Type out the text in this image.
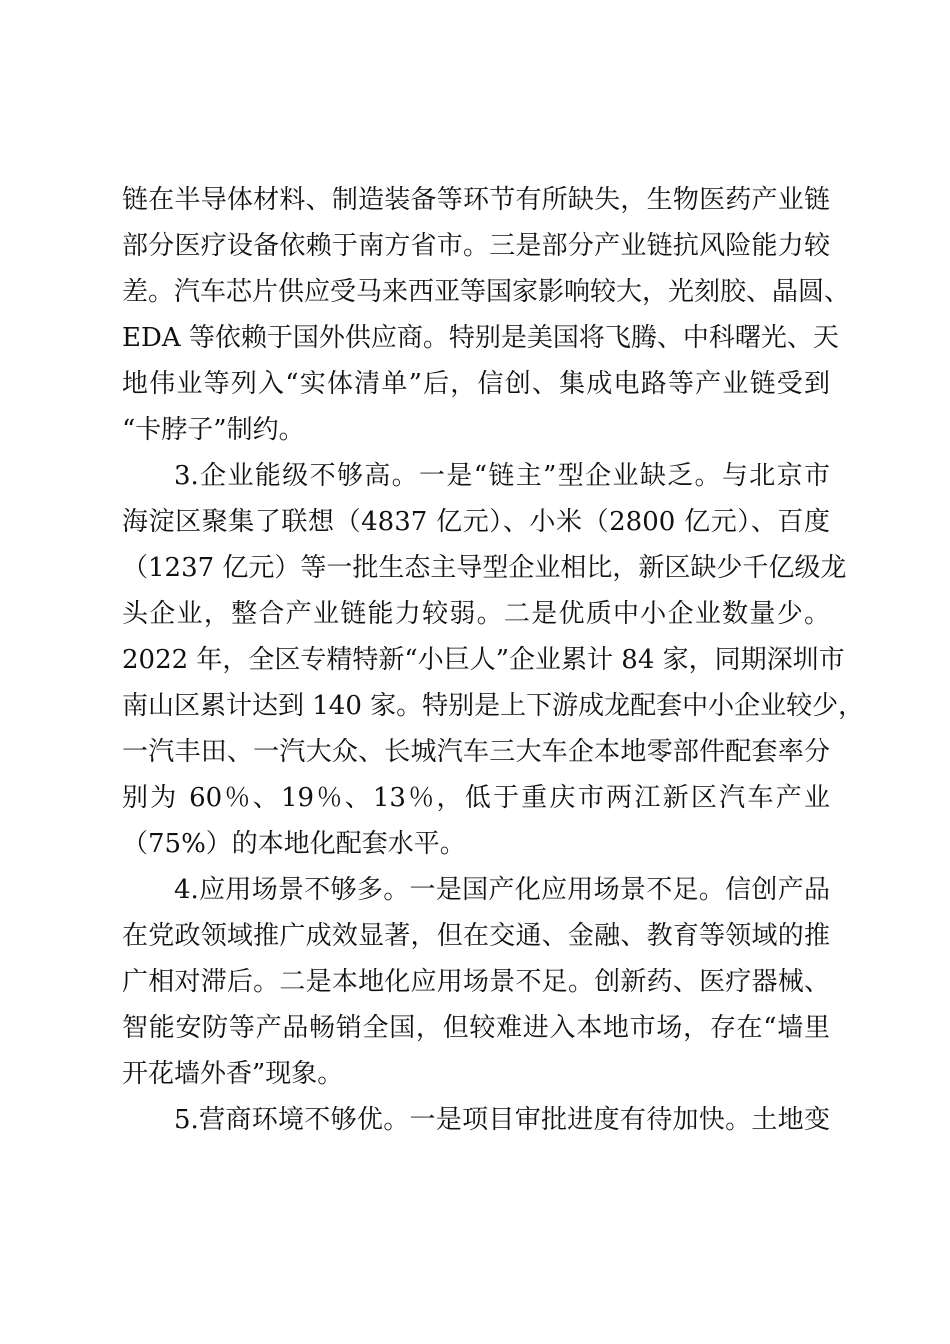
链在半导体材料、制造装备等环节有所缺失，生物医药产业链
部分医疗设备依赖于南方省市。三是部分产业链抗风险能力较
差。汽车芯片供应受马来西亚等国家影响较大，光刻胶、晶圆、
EDA 等依赖于国外供应商。特别是美国将飞腾、中科曙光、天
地伟业等列入“实体清单”后，信创、集成电路等产业链受到
“卡脖子”制约。
3.企业能级不够高。一是“链主”型企业缺乏。与北京市
海淀区聚集了联想（4837 亿元）、小米（2800 亿元）、百度
（1237 亿元）等一批生态主导型企业相比，新区缺少千亿级龙
头企业，整合产业链能力较弱。二是优质中小企业数量少。
2022 年，全区专精特新“小巨人”企业累计 84 家，同期深圳市
南山区累计达到 140 家。特别是上下游成龙配套中小企业较少，
一汽丰田、一汽大众、长城汽车三大车企本地零部件配套率分
别为 60％、19％、13％，低于重庆市两江新区汽车产业
（75%）的本地化配套水平。
4.应用场景不够多。一是国产化应用场景不足。信创产品
在党政领域推广成效显著，但在交通、金融、教育等领域的推
广相对滞后。二是本地化应用场景不足。创新药、医疗器械、
智能安防等产品畅销全国，但较难进入本地市场，存在“墙里
开花墙外香”现象。
5.营商环境不够优。一是项目审批进度有待加快。土地变
